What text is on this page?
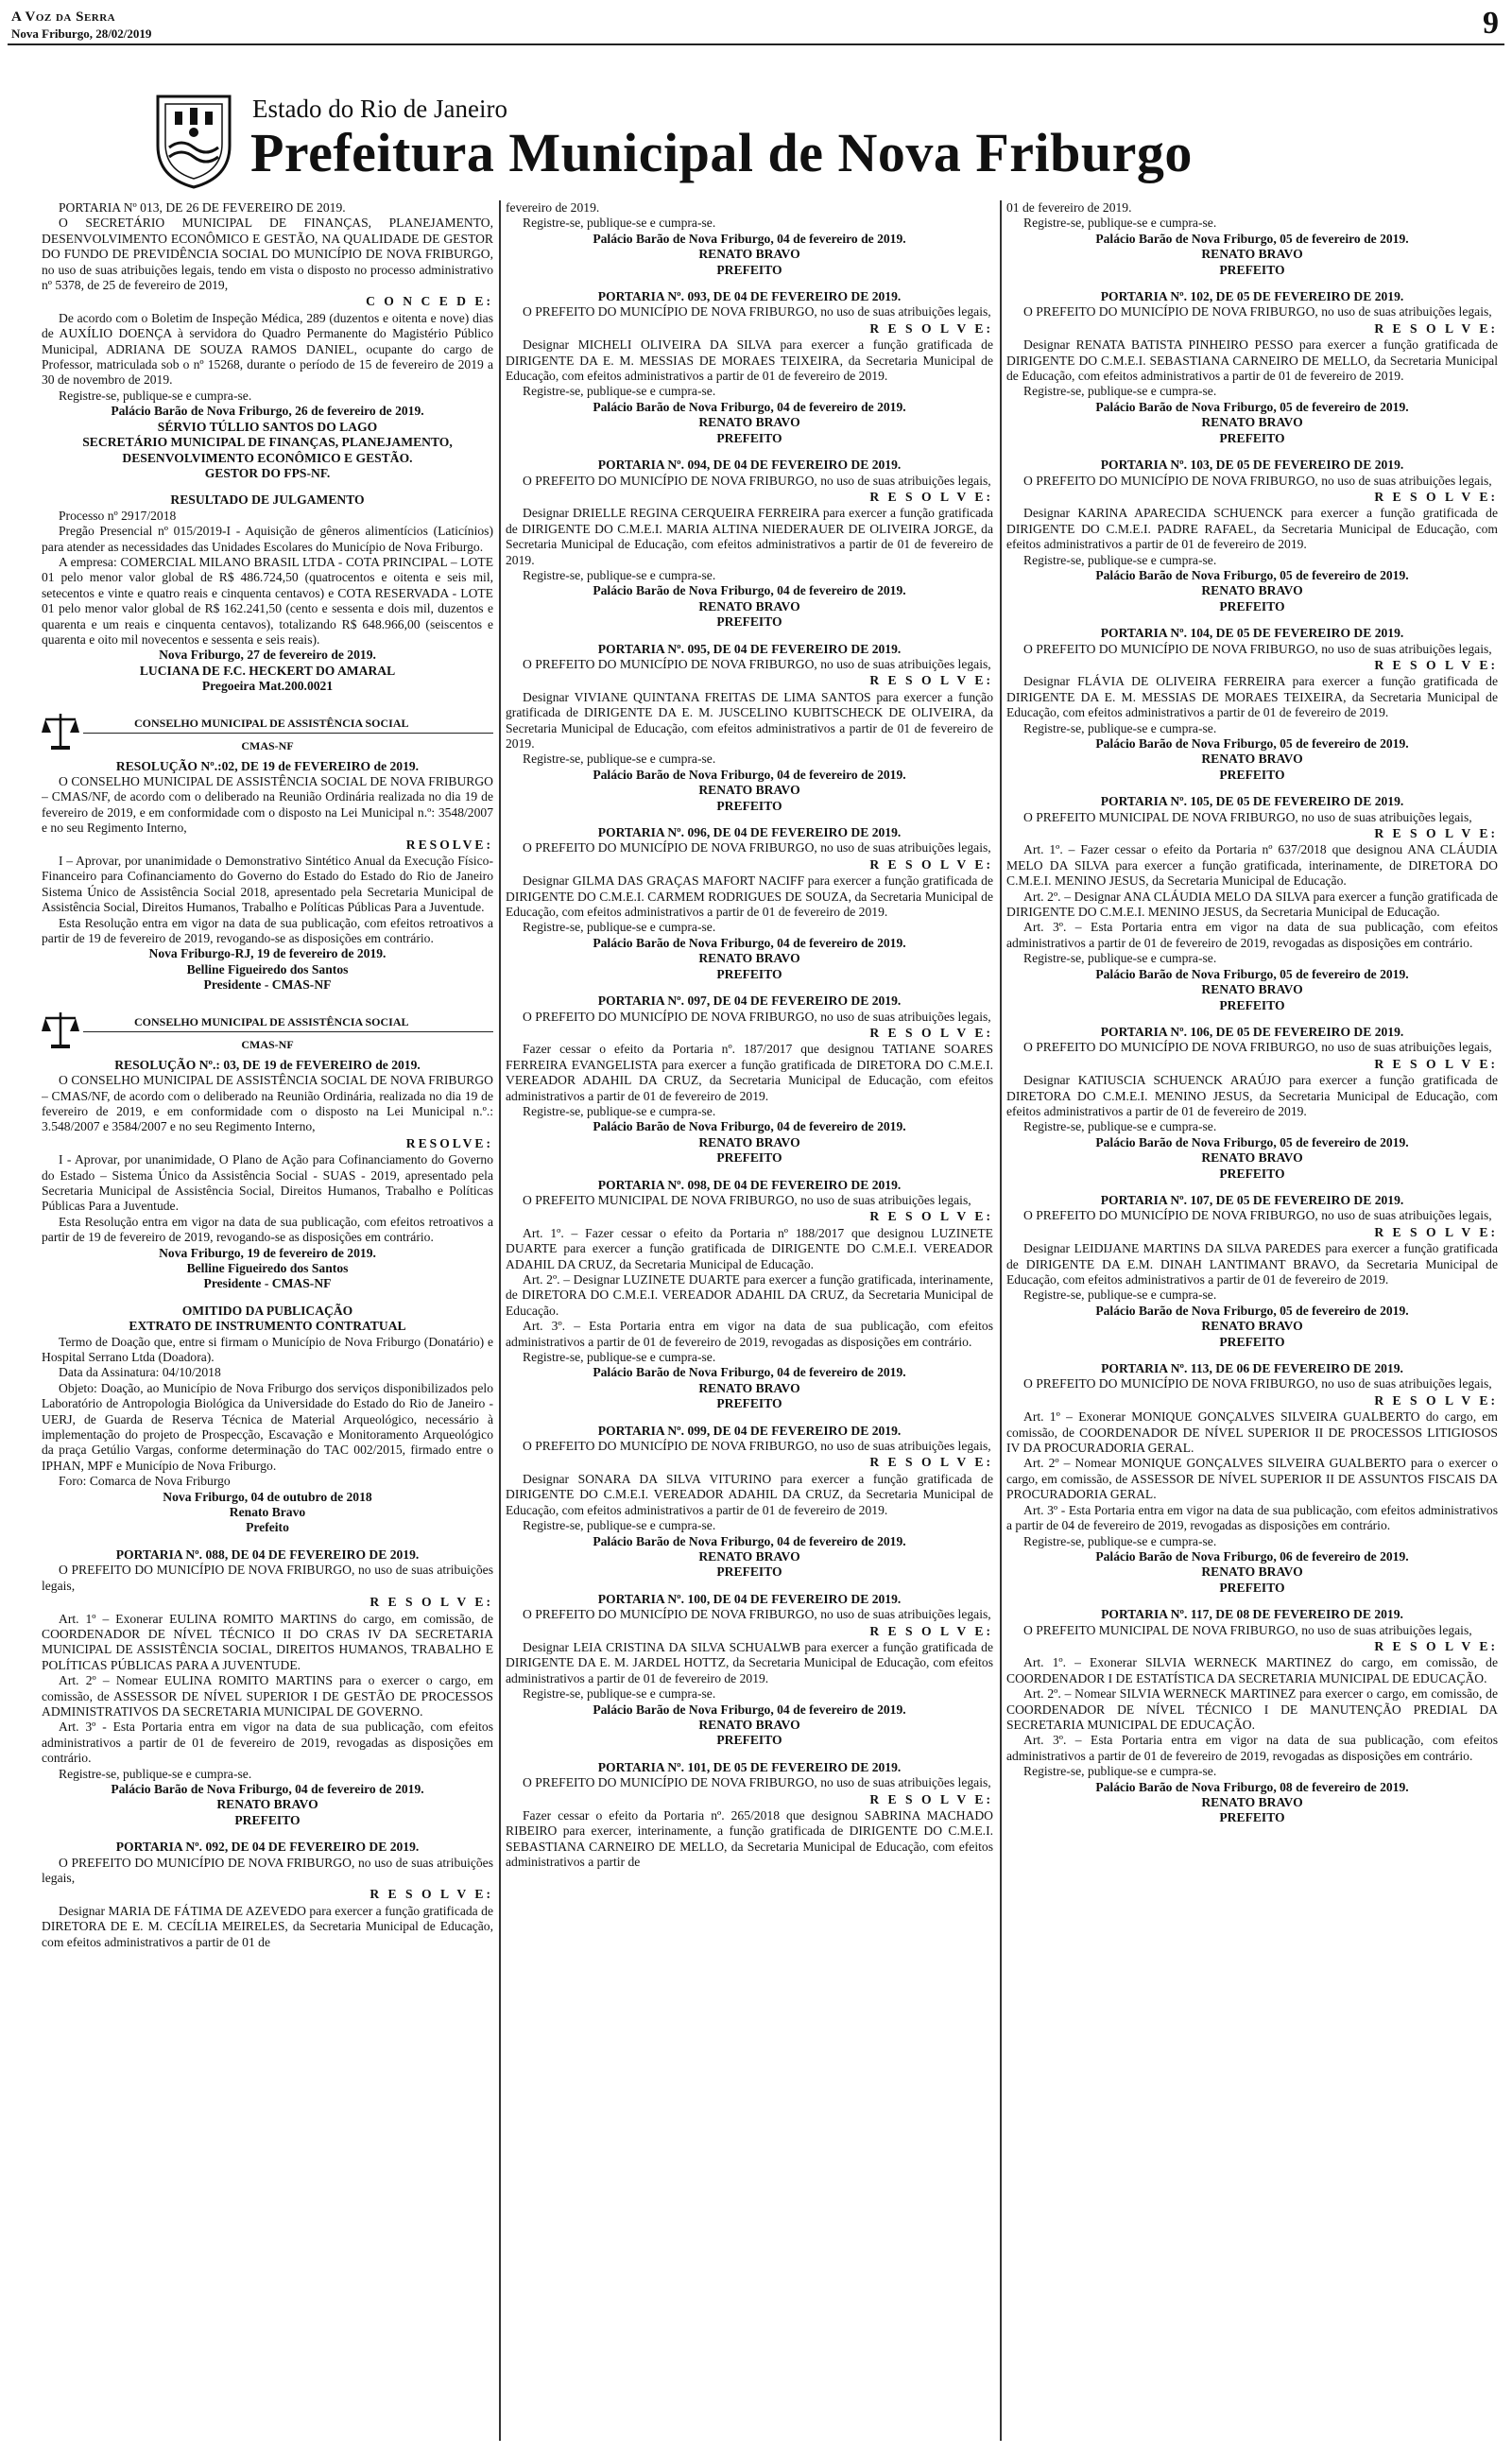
A Voz da Serra
Nova Friburgo, 28/02/2019	9
Estado do Rio de Janeiro
Prefeitura Municipal de Nova Friburgo

PORTARIA Nº 013, DE 26 DE FEVEREIRO DE 2019.

O SECRETÁRIO MUNICIPAL DE FINANÇAS, PLANEJAMENTO, DESENVOLVIMENTO ECONÔMICO E GESTÃO, NA QUALIDADE DE GESTOR DO FUNDO DE PREVIDÊNCIA SOCIAL DO MUNICÍPIO DE NOVA FRIBURGO, no uso de suas atribuições legais, tendo em vista o disposto no processo administrativo nº 5378, de 25 de fevereiro de 2019,

C O N C E D E:

De acordo com o Boletim de Inspeção Médica, 289 (duzentos e oitenta e nove) dias de AUXÍLIO DOENÇA à servidora do Quadro Permanente do Magistério Público Municipal, ADRIANA DE SOUZA RAMOS DANIEL, ocupante do cargo de Professor, matriculada sob o nº 15268, durante o período de 15 de fevereiro de 2019 a 30 de novembro de 2019.

Registre-se, publique-se e cumpra-se.

Palácio Barão de Nova Friburgo, 26 de fevereiro de 2019.

SÉRVIO TÚLLIO SANTOS DO LAGO

SECRETÁRIO MUNICIPAL DE FINANÇAS, PLANEJAMENTO, DESENVOLVIMENTO ECONÔMICO E GESTÃO.

GESTOR DO FPS-NF.

RESULTADO DE JULGAMENTO

Processo nº 2917/2018

Pregão Presencial nº 015/2019-I - Aquisição de gêneros alimentícios (Laticínios) para atender as necessidades das Unidades Escolares do Município de Nova Friburgo.

A empresa: COMERCIAL MILANO BRASIL LTDA - COTA PRINCIPAL – LOTE 01 pelo menor valor global de R$ 486.724,50 (quatrocentos e oitenta e seis mil, setecentos e vinte e quatro reais e cinquenta centavos) e COTA RESERVADA - LOTE 01 pelo menor valor global de R$ 162.241,50 (cento e sessenta e dois mil, duzentos e quarenta e um reais e cinquenta centavos), totalizando R$ 648.966,00 (seiscentos e quarenta e oito mil novecentos e sessenta e seis reais).

Nova Friburgo, 27 de fevereiro de 2019.

LUCIANA DE F.C. HECKERT DO AMARAL

Pregoeira Mat.200.0021

CONSELHO MUNICIPAL DE ASSISTÊNCIA SOCIAL
CMAS-NF

RESOLUÇÃO Nº.:02, DE 19 de FEVEREIRO de 2019.

O CONSELHO MUNICIPAL DE ASSISTÊNCIA SOCIAL DE NOVA FRIBURGO – CMAS/NF, de acordo com o deliberado na Reunião Ordinária realizada no dia 19 de fevereiro de 2019, e em conformidade com o disposto na Lei Municipal n.º: 3548/2007 e no seu Regimento Interno,

RESOLVE:

I – Aprovar, por unanimidade o Demonstrativo Sintético Anual da Execução Físico-Financeiro para Cofinanciamento do Governo do Estado do Estado do Rio de Janeiro Sistema Único de Assistência Social 2018, apresentado pela Secretaria Municipal de Assistência Social, Direitos Humanos, Trabalho e Políticas Públicas Para a Juventude.

Esta Resolução entra em vigor na data de sua publicação, com efeitos retroativos a partir de 19 de fevereiro de 2019, revogando-se as disposições em contrário.

Nova Friburgo-RJ, 19 de fevereiro de 2019.

Belline Figueiredo dos Santos

Presidente - CMAS-NF

CONSELHO MUNICIPAL DE ASSISTÊNCIA SOCIAL
CMAS-NF

RESOLUÇÃO Nº.: 03, DE 19 de FEVEREIRO de 2019.

O CONSELHO MUNICIPAL DE ASSISTÊNCIA SOCIAL DE NOVA FRIBURGO – CMAS/NF, de acordo com o deliberado na Reunião Ordinária, realizada no dia 19 de fevereiro de 2019, e em conformidade com o disposto na Lei Municipal n.º.: 3.548/2007 e 3584/2007 e no seu Regimento Interno,

RESOLVE:

I - Aprovar, por unanimidade, O Plano de Ação para Cofinanciamento do Governo do Estado – Sistema Único da Assistência Social - SUAS - 2019, apresentado pela Secretaria Municipal de Assistência Social, Direitos Humanos, Trabalho e Políticas Públicas Para a Juventude.

Esta Resolução entra em vigor na data de sua publicação, com efeitos retroativos a partir de 19 de fevereiro de 2019, revogando-se as disposições em contrário.

Nova Friburgo, 19 de fevereiro de 2019.

Belline Figueiredo dos Santos

Presidente - CMAS-NF

OMITIDO DA PUBLICAÇÃO

EXTRATO DE INSTRUMENTO CONTRATUAL

Termo de Doação que, entre si firmam o Município de Nova Friburgo (Donatário) e Hospital Serrano Ltda (Doadora).

Data da Assinatura: 04/10/2018

Objeto: Doação, ao Município de Nova Friburgo dos serviços disponibilizados pelo Laboratório de Antropologia Biológica da Universidade do Estado do Rio de Janeiro - UERJ, de Guarda de Reserva Técnica de Material Arqueológico, necessário à implementação do projeto de Prospecção, Escavação e Monitoramento Arqueológico da praça Getúlio Vargas, conforme determinação do TAC 002/2015, firmado entre o IPHAN, MPF e Município de Nova Friburgo.

Foro: Comarca de Nova Friburgo

Nova Friburgo, 04 de outubro de 2018

Renato Bravo

Prefeito

PORTARIA Nº. 088, DE 04 DE FEVEREIRO DE 2019.

O PREFEITO DO MUNICÍPIO DE NOVA FRIBURGO, no uso de suas atribuições legais,

R E S O L V E:

Art. 1º – Exonerar EULINA ROMITO MARTINS do cargo, em comissão, de COORDENADOR DE NÍVEL TÉCNICO II DO CRAS IV DA SECRETARIA MUNICIPAL DE ASSISTÊNCIA SOCIAL, DIREITOS HUMANOS, TRABALHO E POLÍTICAS PÚBLICAS PARA A JUVENTUDE.

Art. 2º – Nomear EULINA ROMITO MARTINS para o exercer o cargo, em comissão, de ASSESSOR DE NÍVEL SUPERIOR I DE GESTÃO DE PROCESSOS ADMINISTRATIVOS DA SECRETARIA MUNICIPAL DE GOVERNO.

Art. 3º - Esta Portaria entra em vigor na data de sua publicação, com efeitos administrativos a partir de 01 de fevereiro de 2019, revogadas as disposições em contrário.

Registre-se, publique-se e cumpra-se.

Palácio Barão de Nova Friburgo, 04 de fevereiro de 2019.

RENATO BRAVO

PREFEITO

PORTARIA Nº. 092, DE 04 DE FEVEREIRO DE 2019.

O PREFEITO DO MUNICÍPIO DE NOVA FRIBURGO, no uso de suas atribuições legais,

R E S O L V E:

Designar MARIA DE FÁTIMA DE AZEVEDO para exercer a função gratificada de DIRETORA DE E. M. CECÍLIA MEIRELES, da Secretaria Municipal de Educação, com efeitos administrativos a partir de 01 de

fevereiro de 2019.

Registre-se, publique-se e cumpra-se.

Palácio Barão de Nova Friburgo, 04 de fevereiro de 2019.

RENATO BRAVO

PREFEITO

PORTARIA Nº. 093, DE 04 DE FEVEREIRO DE 2019.

O PREFEITO DO MUNICÍPIO DE NOVA FRIBURGO, no uso de suas atribuições legais,

R E S O L V E:

Designar MICHELI OLIVEIRA DA SILVA para exercer a função gratificada de DIRIGENTE DA E. M. MESSIAS DE MORAES TEIXEIRA, da Secretaria Municipal de Educação, com efeitos administrativos a partir de 01 de fevereiro de 2019.

Registre-se, publique-se e cumpra-se.

Palácio Barão de Nova Friburgo, 04 de fevereiro de 2019.

RENATO BRAVO

PREFEITO

PORTARIA Nº. 094, DE 04 DE FEVEREIRO DE 2019.

O PREFEITO DO MUNICÍPIO DE NOVA FRIBURGO, no uso de suas atribuições legais,

R E S O L V E:

Designar DRIELLE REGINA CERQUEIRA FERREIRA para exercer a função gratificada de DIRIGENTE DO C.M.E.I. MARIA ALTINA NIEDERAUER DE OLIVEIRA JORGE, da Secretaria Municipal de Educação, com efeitos administrativos a partir de 01 de fevereiro de 2019.

Registre-se, publique-se e cumpra-se.

Palácio Barão de Nova Friburgo, 04 de fevereiro de 2019.

RENATO BRAVO

PREFEITO

PORTARIA Nº. 095, DE 04 DE FEVEREIRO DE 2019.

O PREFEITO DO MUNICÍPIO DE NOVA FRIBURGO, no uso de suas atribuições legais,

R E S O L V E:

Designar VIVIANE QUINTANA FREITAS DE LIMA SANTOS para exercer a função gratificada de DIRIGENTE DA E. M. JUSCELINO KUBITSCHECK DE OLIVEIRA, da Secretaria Municipal de Educação, com efeitos administrativos a partir de 01 de fevereiro de 2019.

Registre-se, publique-se e cumpra-se.

Palácio Barão de Nova Friburgo, 04 de fevereiro de 2019.

RENATO BRAVO

PREFEITO

PORTARIA Nº. 096, DE 04 DE FEVEREIRO DE 2019.

O PREFEITO DO MUNICÍPIO DE NOVA FRIBURGO, no uso de suas atribuições legais,

R E S O L V E:

Designar GILMA DAS GRAÇAS MAFORT NACIFF para exercer a função gratificada de DIRIGENTE DO C.M.E.I. CARMEM RODRIGUES DE SOUZA, da Secretaria Municipal de Educação, com efeitos administrativos a partir de 01 de fevereiro de 2019.

Registre-se, publique-se e cumpra-se.

Palácio Barão de Nova Friburgo, 04 de fevereiro de 2019.

RENATO BRAVO

PREFEITO

PORTARIA Nº. 097, DE 04 DE FEVEREIRO DE 2019.

O PREFEITO DO MUNICÍPIO DE NOVA FRIBURGO, no uso de suas atribuições legais,

R E S O L V E:

Fazer cessar o efeito da Portaria nº. 187/2017 que designou TATIANE SOARES FERREIRA EVANGELISTA para exercer a função gratificada de DIRETORA DO C.M.E.I. VEREADOR ADAHIL DA CRUZ, da Secretaria Municipal de Educação, com efeitos administrativos a partir de 01 de fevereiro de 2019.

Registre-se, publique-se e cumpra-se.

Palácio Barão de Nova Friburgo, 04 de fevereiro de 2019.

RENATO BRAVO

PREFEITO

PORTARIA Nº. 098, DE 04 DE FEVEREIRO DE 2019.

O PREFEITO MUNICIPAL DE NOVA FRIBURGO, no uso de suas atribuições legais,

R E S O L V E:

Art. 1º. – Fazer cessar o efeito da Portaria nº 188/2017 que designou LUZINETE DUARTE para exercer a função gratificada de DIRIGENTE DO C.M.E.I. VEREADOR ADAHIL DA CRUZ, da Secretaria Municipal de Educação.

Art. 2º. – Designar LUZINETE DUARTE para exercer a função gratificada, interinamente, de DIRETORA DO C.M.E.I. VEREADOR ADAHIL DA CRUZ, da Secretaria Municipal de Educação.

Art. 3º. – Esta Portaria entra em vigor na data de sua publicação, com efeitos administrativos a partir de 01 de fevereiro de 2019, revogadas as disposições em contrário.

Registre-se, publique-se e cumpra-se.

Palácio Barão de Nova Friburgo, 04 de fevereiro de 2019.

RENATO BRAVO

PREFEITO

PORTARIA Nº. 099, DE 04 DE FEVEREIRO DE 2019.

O PREFEITO DO MUNICÍPIO DE NOVA FRIBURGO, no uso de suas atribuições legais,

R E S O L V E:

Designar SONARA DA SILVA VITURINO para exercer a função gratificada de DIRIGENTE DO C.M.E.I. VEREADOR ADAHIL DA CRUZ, da Secretaria Municipal de Educação, com efeitos administrativos a partir de 01 de fevereiro de 2019.

Registre-se, publique-se e cumpra-se.

Palácio Barão de Nova Friburgo, 04 de fevereiro de 2019.

RENATO BRAVO

PREFEITO

PORTARIA Nº. 100, DE 04 DE FEVEREIRO DE 2019.

O PREFEITO DO MUNICÍPIO DE NOVA FRIBURGO, no uso de suas atribuições legais,

R E S O L V E:

Designar LEIA CRISTINA DA SILVA SCHUALWB para exercer a função gratificada de DIRIGENTE DA E. M. JARDEL HOTTZ, da Secretaria Municipal de Educação, com efeitos administrativos a partir de 01 de fevereiro de 2019.

Registre-se, publique-se e cumpra-se.

Palácio Barão de Nova Friburgo, 04 de fevereiro de 2019.

RENATO BRAVO

PREFEITO

PORTARIA Nº. 101, DE 05 DE FEVEREIRO DE 2019.

O PREFEITO DO MUNICÍPIO DE NOVA FRIBURGO, no uso de suas atribuições legais,

R E S O L V E:

Fazer cessar o efeito da Portaria nº. 265/2018 que designou SABRINA MACHADO RIBEIRO para exercer, interinamente, a função gratificada de DIRIGENTE DO C.M.E.I. SEBASTIANA CARNEIRO DE MELLO, da Secretaria Municipal de Educação, com efeitos administrativos a partir de

01 de fevereiro de 2019.

Registre-se, publique-se e cumpra-se.

Palácio Barão de Nova Friburgo, 05 de fevereiro de 2019.

RENATO BRAVO

PREFEITO

PORTARIA Nº. 102, DE 05 DE FEVEREIRO DE 2019.

O PREFEITO DO MUNICÍPIO DE NOVA FRIBURGO, no uso de suas atribuições legais,

R E S O L V E:

Designar RENATA BATISTA PINHEIRO PESSO para exercer a função gratificada de DIRIGENTE DO C.M.E.I. SEBASTIANA CARNEIRO DE MELLO, da Secretaria Municipal de Educação, com efeitos administrativos a partir de 01 de fevereiro de 2019.

Registre-se, publique-se e cumpra-se.

Palácio Barão de Nova Friburgo, 05 de fevereiro de 2019.

RENATO BRAVO

PREFEITO

PORTARIA Nº. 103, DE 05 DE FEVEREIRO DE 2019.

O PREFEITO DO MUNICÍPIO DE NOVA FRIBURGO, no uso de suas atribuições legais,

R E S O L V E:

Designar KARINA APARECIDA SCHUENCK para exercer a função gratificada de DIRIGENTE DO C.M.E.I. PADRE RAFAEL, da Secretaria Municipal de Educação, com efeitos administrativos a partir de 01 de fevereiro de 2019.

Registre-se, publique-se e cumpra-se.

Palácio Barão de Nova Friburgo, 05 de fevereiro de 2019.

RENATO BRAVO

PREFEITO

PORTARIA Nº. 104, DE 05 DE FEVEREIRO DE 2019.

O PREFEITO DO MUNICÍPIO DE NOVA FRIBURGO, no uso de suas atribuições legais,

R E S O L V E:

Designar FLÁVIA DE OLIVEIRA FERREIRA para exercer a função gratificada de DIRIGENTE DA E. M. MESSIAS DE MORAES TEIXEIRA, da Secretaria Municipal de Educação, com efeitos administrativos a partir de 01 de fevereiro de 2019.

Registre-se, publique-se e cumpra-se.

Palácio Barão de Nova Friburgo, 05 de fevereiro de 2019.

RENATO BRAVO

PREFEITO

PORTARIA Nº. 105, DE 05 DE FEVEREIRO DE 2019.

O PREFEITO MUNICIPAL DE NOVA FRIBURGO, no uso de suas atribuições legais,

R E S O L V E:

Art. 1º. – Fazer cessar o efeito da Portaria nº 637/2018 que designou ANA CLÁUDIA MELO DA SILVA para exercer a função gratificada, interinamente, de DIRETORA DO C.M.E.I. MENINO JESUS, da Secretaria Municipal de Educação.

Art. 2º. – Designar ANA CLÁUDIA MELO DA SILVA para exercer a função gratificada de DIRIGENTE DO C.M.E.I. MENINO JESUS, da Secretaria Municipal de Educação.

Art. 3º. – Esta Portaria entra em vigor na data de sua publicação, com efeitos administrativos a partir de 01 de fevereiro de 2019, revogadas as disposições em contrário.

Registre-se, publique-se e cumpra-se.

Palácio Barão de Nova Friburgo, 05 de fevereiro de 2019.

RENATO BRAVO

PREFEITO

PORTARIA Nº. 106, DE 05 DE FEVEREIRO DE 2019.

O PREFEITO DO MUNICÍPIO DE NOVA FRIBURGO, no uso de suas atribuições legais,

R E S O L V E:

Designar KATIUSCIA SCHUENCK ARAÚJO para exercer a função gratificada de DIRETORA DO C.M.E.I. MENINO JESUS, da Secretaria Municipal de Educação, com efeitos administrativos a partir de 01 de fevereiro de 2019.

Registre-se, publique-se e cumpra-se.

Palácio Barão de Nova Friburgo, 05 de fevereiro de 2019.

RENATO BRAVO

PREFEITO

PORTARIA Nº. 107, DE 05 DE FEVEREIRO DE 2019.

O PREFEITO DO MUNICÍPIO DE NOVA FRIBURGO, no uso de suas atribuições legais,

R E S O L V E:

Designar LEIDIJANE MARTINS DA SILVA PAREDES para exercer a função gratificada de DIRIGENTE DA E.M. DINAH LANTIMANT BRAVO, da Secretaria Municipal de Educação, com efeitos administrativos a partir de 01 de fevereiro de 2019.

Registre-se, publique-se e cumpra-se.

Palácio Barão de Nova Friburgo, 05 de fevereiro de 2019.

RENATO BRAVO

PREFEITO

PORTARIA Nº. 113, DE 06 DE FEVEREIRO DE 2019.

O PREFEITO DO MUNICÍPIO DE NOVA FRIBURGO, no uso de suas atribuições legais,

R E S O L V E:

Art. 1º – Exonerar MONIQUE GONÇALVES SILVEIRA GUALBERTO do cargo, em comissão, de COORDENADOR DE NÍVEL SUPERIOR II DE PROCESSOS LITIGIOSOS IV DA PROCURADORIA GERAL.

Art. 2º – Nomear MONIQUE GONÇALVES SILVEIRA GUALBERTO para o exercer o cargo, em comissão, de ASSESSOR DE NÍVEL SUPERIOR II DE ASSUNTOS FISCAIS DA PROCURADORIA GERAL.

Art. 3º - Esta Portaria entra em vigor na data de sua publicação, com efeitos administrativos a partir de 04 de fevereiro de 2019, revogadas as disposições em contrário.

Registre-se, publique-se e cumpra-se.

Palácio Barão de Nova Friburgo, 06 de fevereiro de 2019.

RENATO BRAVO

PREFEITO

PORTARIA Nº. 117, DE 08 DE FEVEREIRO DE 2019.

O PREFEITO MUNICIPAL DE NOVA FRIBURGO, no uso de suas atribuições legais,

R E S O L V E:

Art. 1º. – Exonerar SILVIA WERNECK MARTINEZ do cargo, em comissão, de COORDENADOR I DE ESTATÍSTICA DA SECRETARIA MUNICIPAL DE EDUCAÇÃO.

Art. 2º. – Nomear SILVIA WERNECK MARTINEZ para exercer o cargo, em comissão, de COORDENADOR DE NÍVEL TÉCNICO I DE MANUTENÇÃO PREDIAL DA SECRETARIA MUNICIPAL DE EDUCAÇÃO.

Art. 3º. – Esta Portaria entra em vigor na data de sua publicação, com efeitos administrativos a partir de 01 de fevereiro de 2019, revogadas as disposições em contrário.

Registre-se, publique-se e cumpra-se.

Palácio Barão de Nova Friburgo, 08 de fevereiro de 2019.

RENATO BRAVO

PREFEITO
